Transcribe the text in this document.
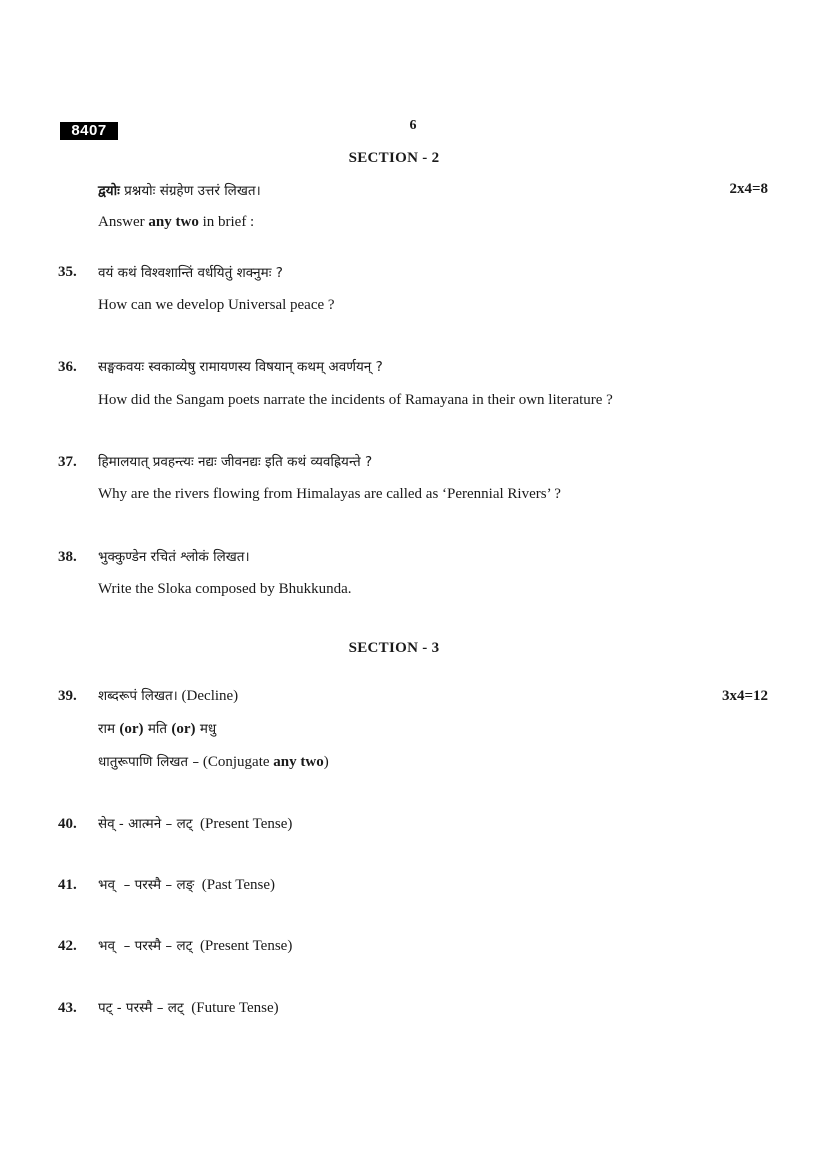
8407	6
SECTION - 2
द्वयोः प्रश्नयोः संग्रहेण उत्तरं लिखत।	2x4=8
Answer any two in brief :
35. वयं कथं विश्वशान्तिं वर्धयितुं शक्नुमः ?
How can we develop Universal peace ?
36. सङ्घकवयः स्वकाव्येषु रामायणस्य विषयान् कथम् अवर्णयन् ?
How did the Sangam poets narrate the incidents of Ramayana in their own literature ?
37. हिमालयात् प्रवहन्त्यः नद्यः जीवनद्यः इति कथं व्यवह्रियन्ते ?
Why are the rivers flowing from Himalayas are called as ‘Perennial Rivers’ ?
38. भुक्कुण्डेन रचितं श्लोकं लिखत।
Write the Sloka composed by Bhukkunda.
SECTION - 3
39. शब्दरूपं लिखत। (Decline)	3x4=12
राम (or) मति (or) मधु
धातुरूपाणि लिखत – (Conjugate any two)
40. सेव् - आत्मने – लट्  (Present Tense)
41. भव्  – परस्मै – लङ्  (Past Tense)
42. भव्  – परस्मै – लट्  (Present Tense)
43. पट् - परस्मै – लट्  (Future Tense)
